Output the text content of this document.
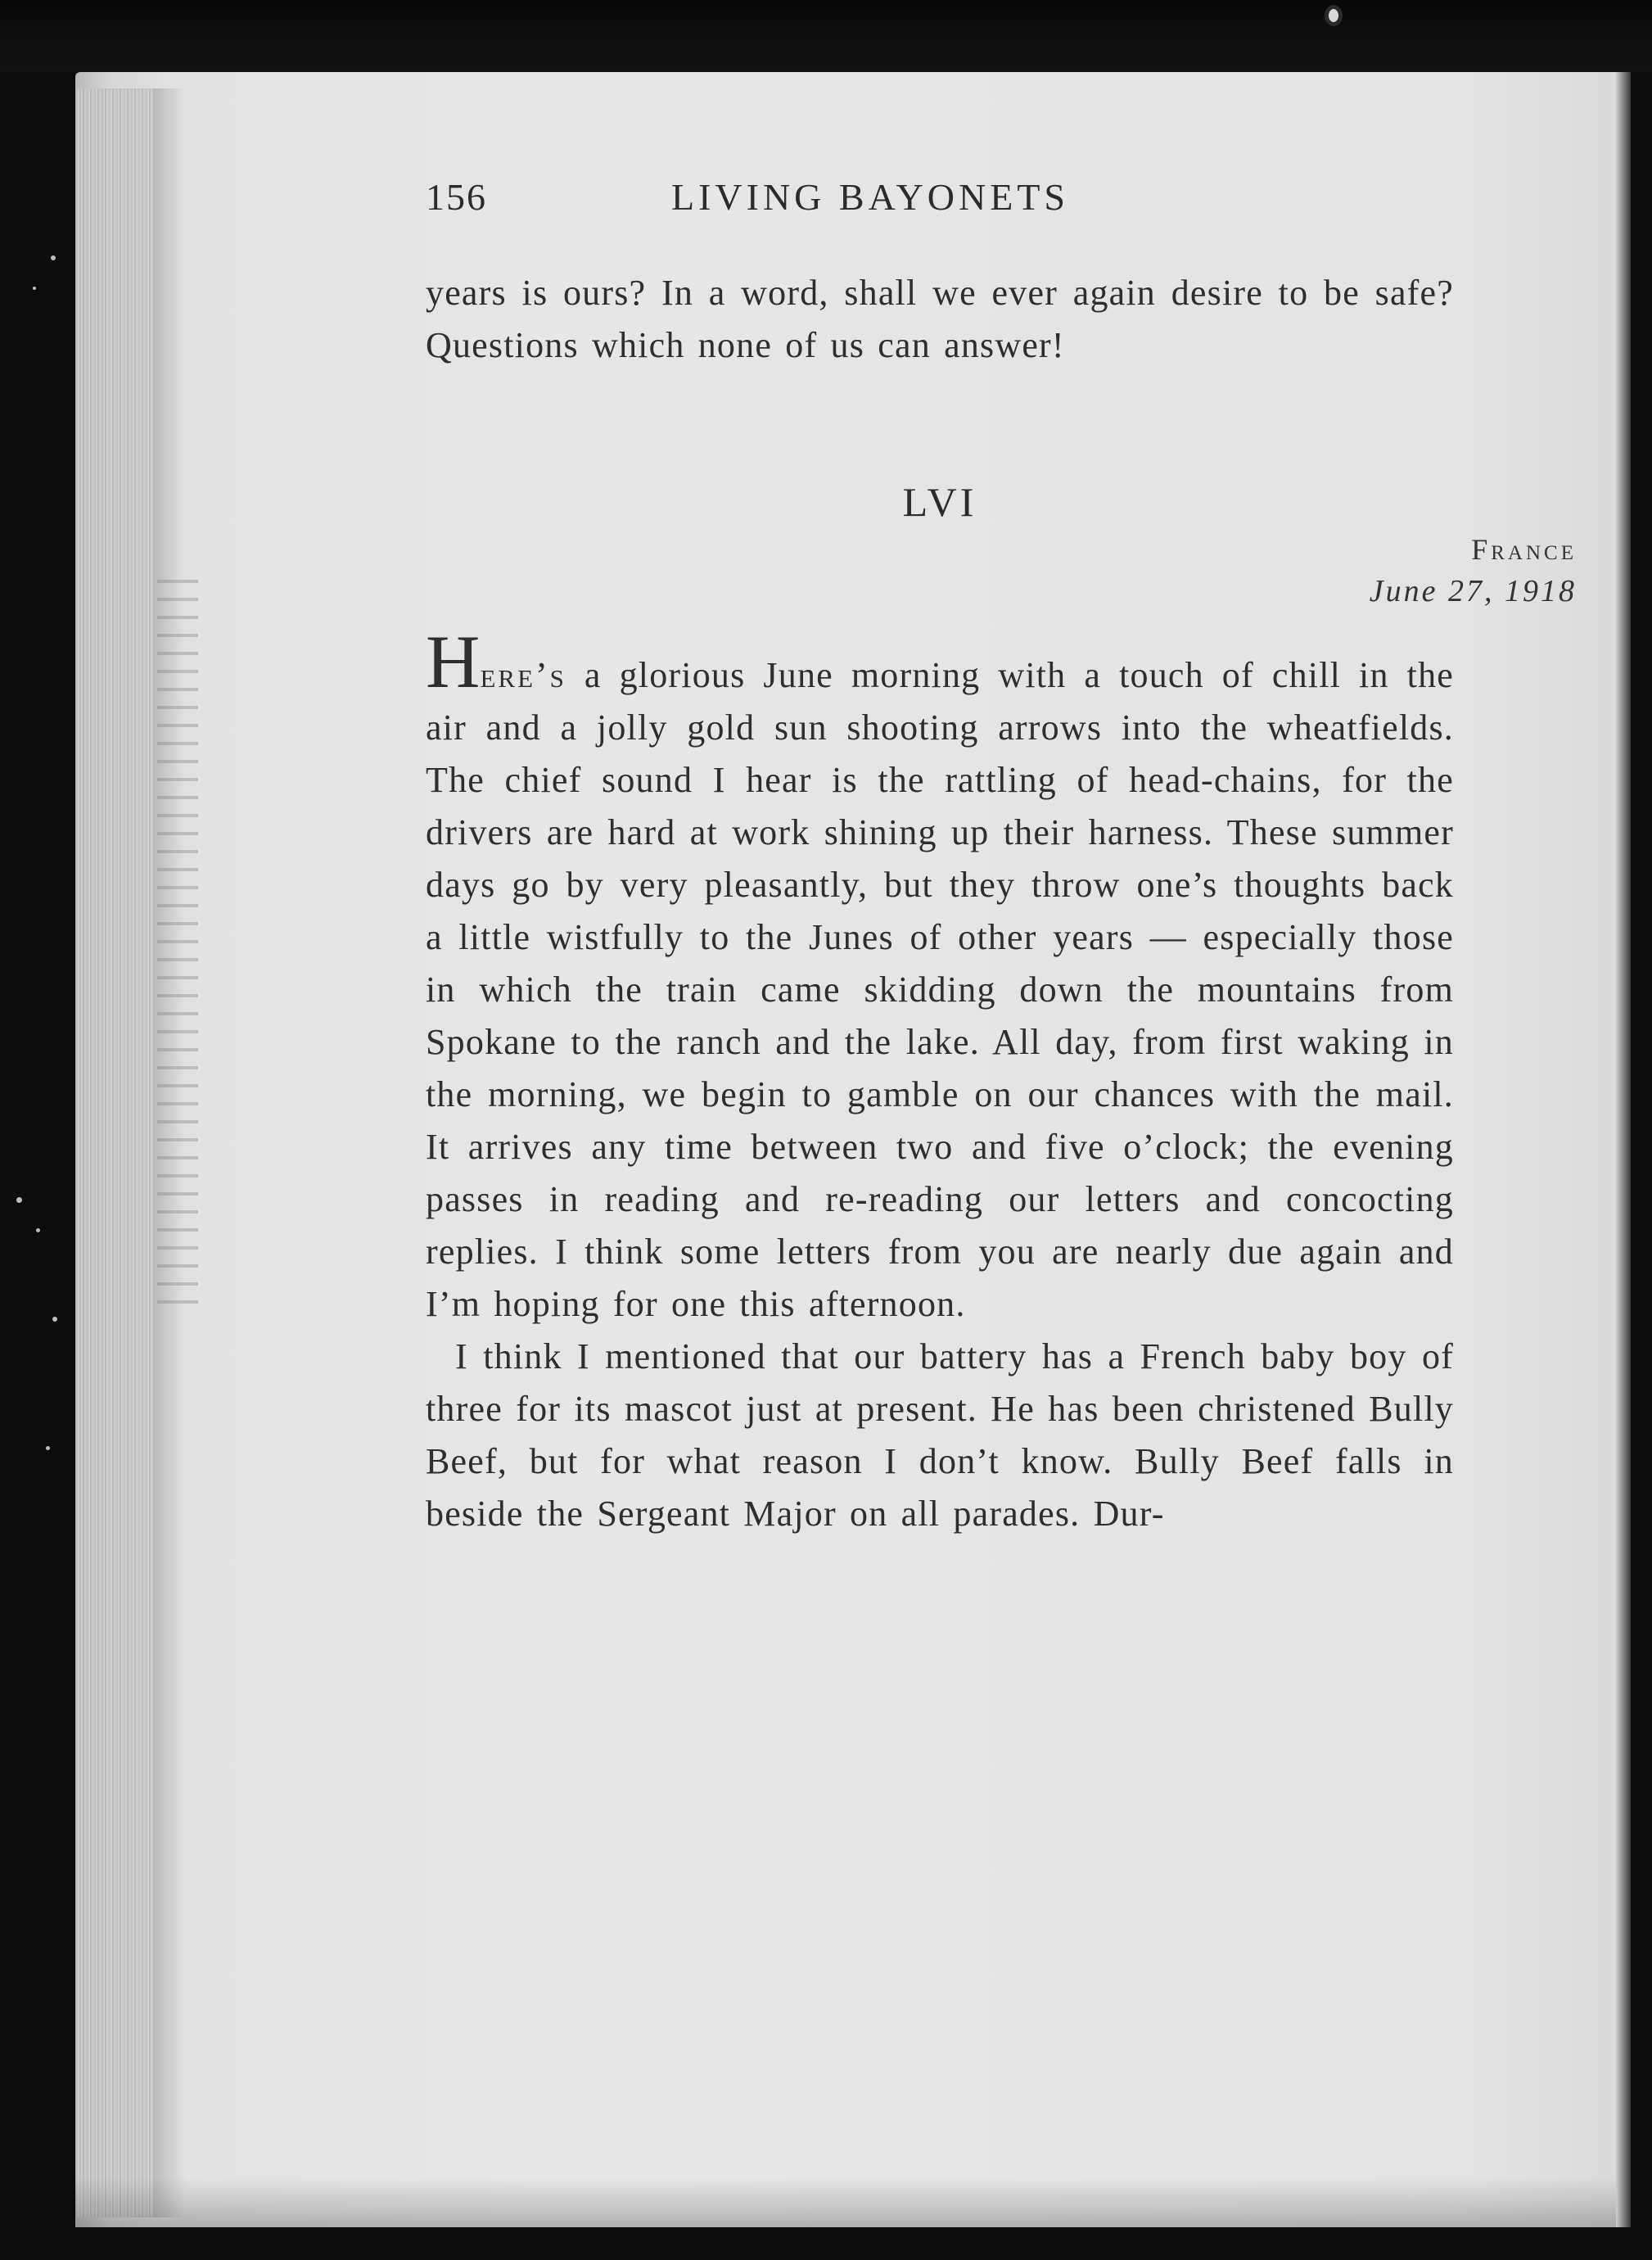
156	LIVING BAYONETS
years is ours? In a word, shall we ever again desire to be safe? Questions which none of us can answer!
LVI
France
June 27, 1918

Here’s a glorious June morning with a touch of chill in the air and a jolly gold sun shooting arrows into the wheatfields. The chief sound I hear is the rattling of head-chains, for the drivers are hard at work shining up their harness. These summer days go by very pleasantly, but they throw one’s thoughts back a little wistfully to the Junes of other years — especially those in which the train came skidding down the mountains from Spokane to the ranch and the lake. All day, from first waking in the morning, we begin to gamble on our chances with the mail. It arrives any time between two and five o’clock; the evening passes in reading and re-reading our letters and concocting replies. I think some letters from you are nearly due again and I’m hoping for one this afternoon.

I think I mentioned that our battery has a French baby boy of three for its mascot just at present. He has been christened Bully Beef, but for what reason I don’t know. Bully Beef falls in beside the Sergeant Major on all parades. Dur-
